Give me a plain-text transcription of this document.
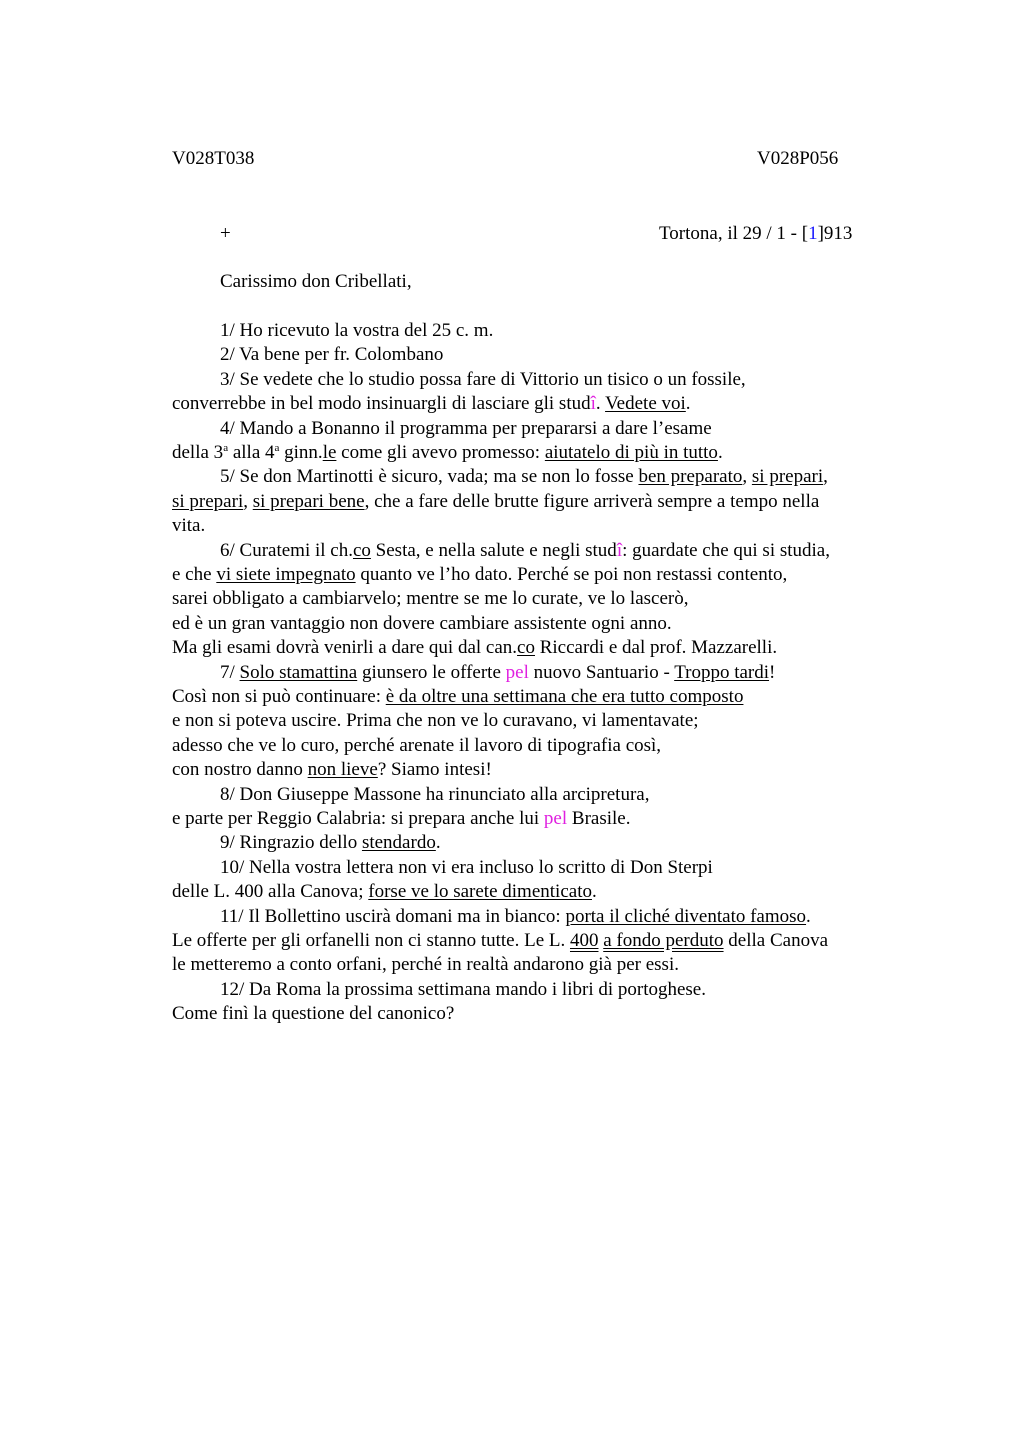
V028T038	V028P056
+	Tortona, il 29 / 1 - [1]913
Carissimo don Cribellati,
1/ Ho ricevuto la vostra del 25 c. m.
2/ Va bene per fr. Colombano
3/ Se vedete che lo studio possa fare di Vittorio un tisico o un fossile,
converrebbe in bel modo insinuargli di lasciare gli studî. Vedete voi.
4/ Mando a Bonanno il programma per prepararsi a dare l’esame
della 3$^a$ alla 4$^a$ ginn.le come gli avevo promesso: aiutatelo di più in tutto.
5/ Se don Martinotti è sicuro, vada; ma se non lo fosse ben preparato, si prepari,
si prepari, si prepari bene, che a fare delle brutte figure arriverà sempre a tempo nella
vita.
6/ Curatemi il ch.co Sesta, e nella salute e negli studî: guardate che qui si studia,
e che vi siete impegnato quanto ve l’ho dato. Perché se poi non restassi contento,
sarei obbligato a cambiarvelo; mentre se me lo curate, ve lo lascerò,
ed è un gran vantaggio non dovere cambiare assistente ogni anno.
Ma gli esami dovrà venirli a dare qui dal can.co Riccardi e dal prof. Mazzarelli.
7/ Solo stamattina giunsero le offerte pel nuovo Santuario - Troppo tardi!
Così non si può continuare: è da oltre una settimana che era tutto composto
e non si poteva uscire. Prima che non ve lo curavano, vi lamentavate;
adesso che ve lo curo, perché arenate il lavoro di tipografia così,
con nostro danno non lieve? Siamo intesi!
8/ Don Giuseppe Massone ha rinunciato alla arcipretura,
e parte per Reggio Calabria: si prepara anche lui pel Brasile.
9/ Ringrazio dello stendardo.
10/ Nella vostra lettera non vi era incluso lo scritto di Don Sterpi
delle L. 400 alla Canova; forse ve lo sarete dimenticato.
11/ Il Bollettino uscirà domani ma in bianco: porta il cliché diventato famoso.
Le offerte per gli orfanelli non ci stanno tutte. Le L. 400 a fondo perduto della Canova
le metteremo a conto orfani, perché in realtà andarono già per essi.
12/ Da Roma la prossima settimana mando i libri di portoghese.
Come finì la questione del canonico?
